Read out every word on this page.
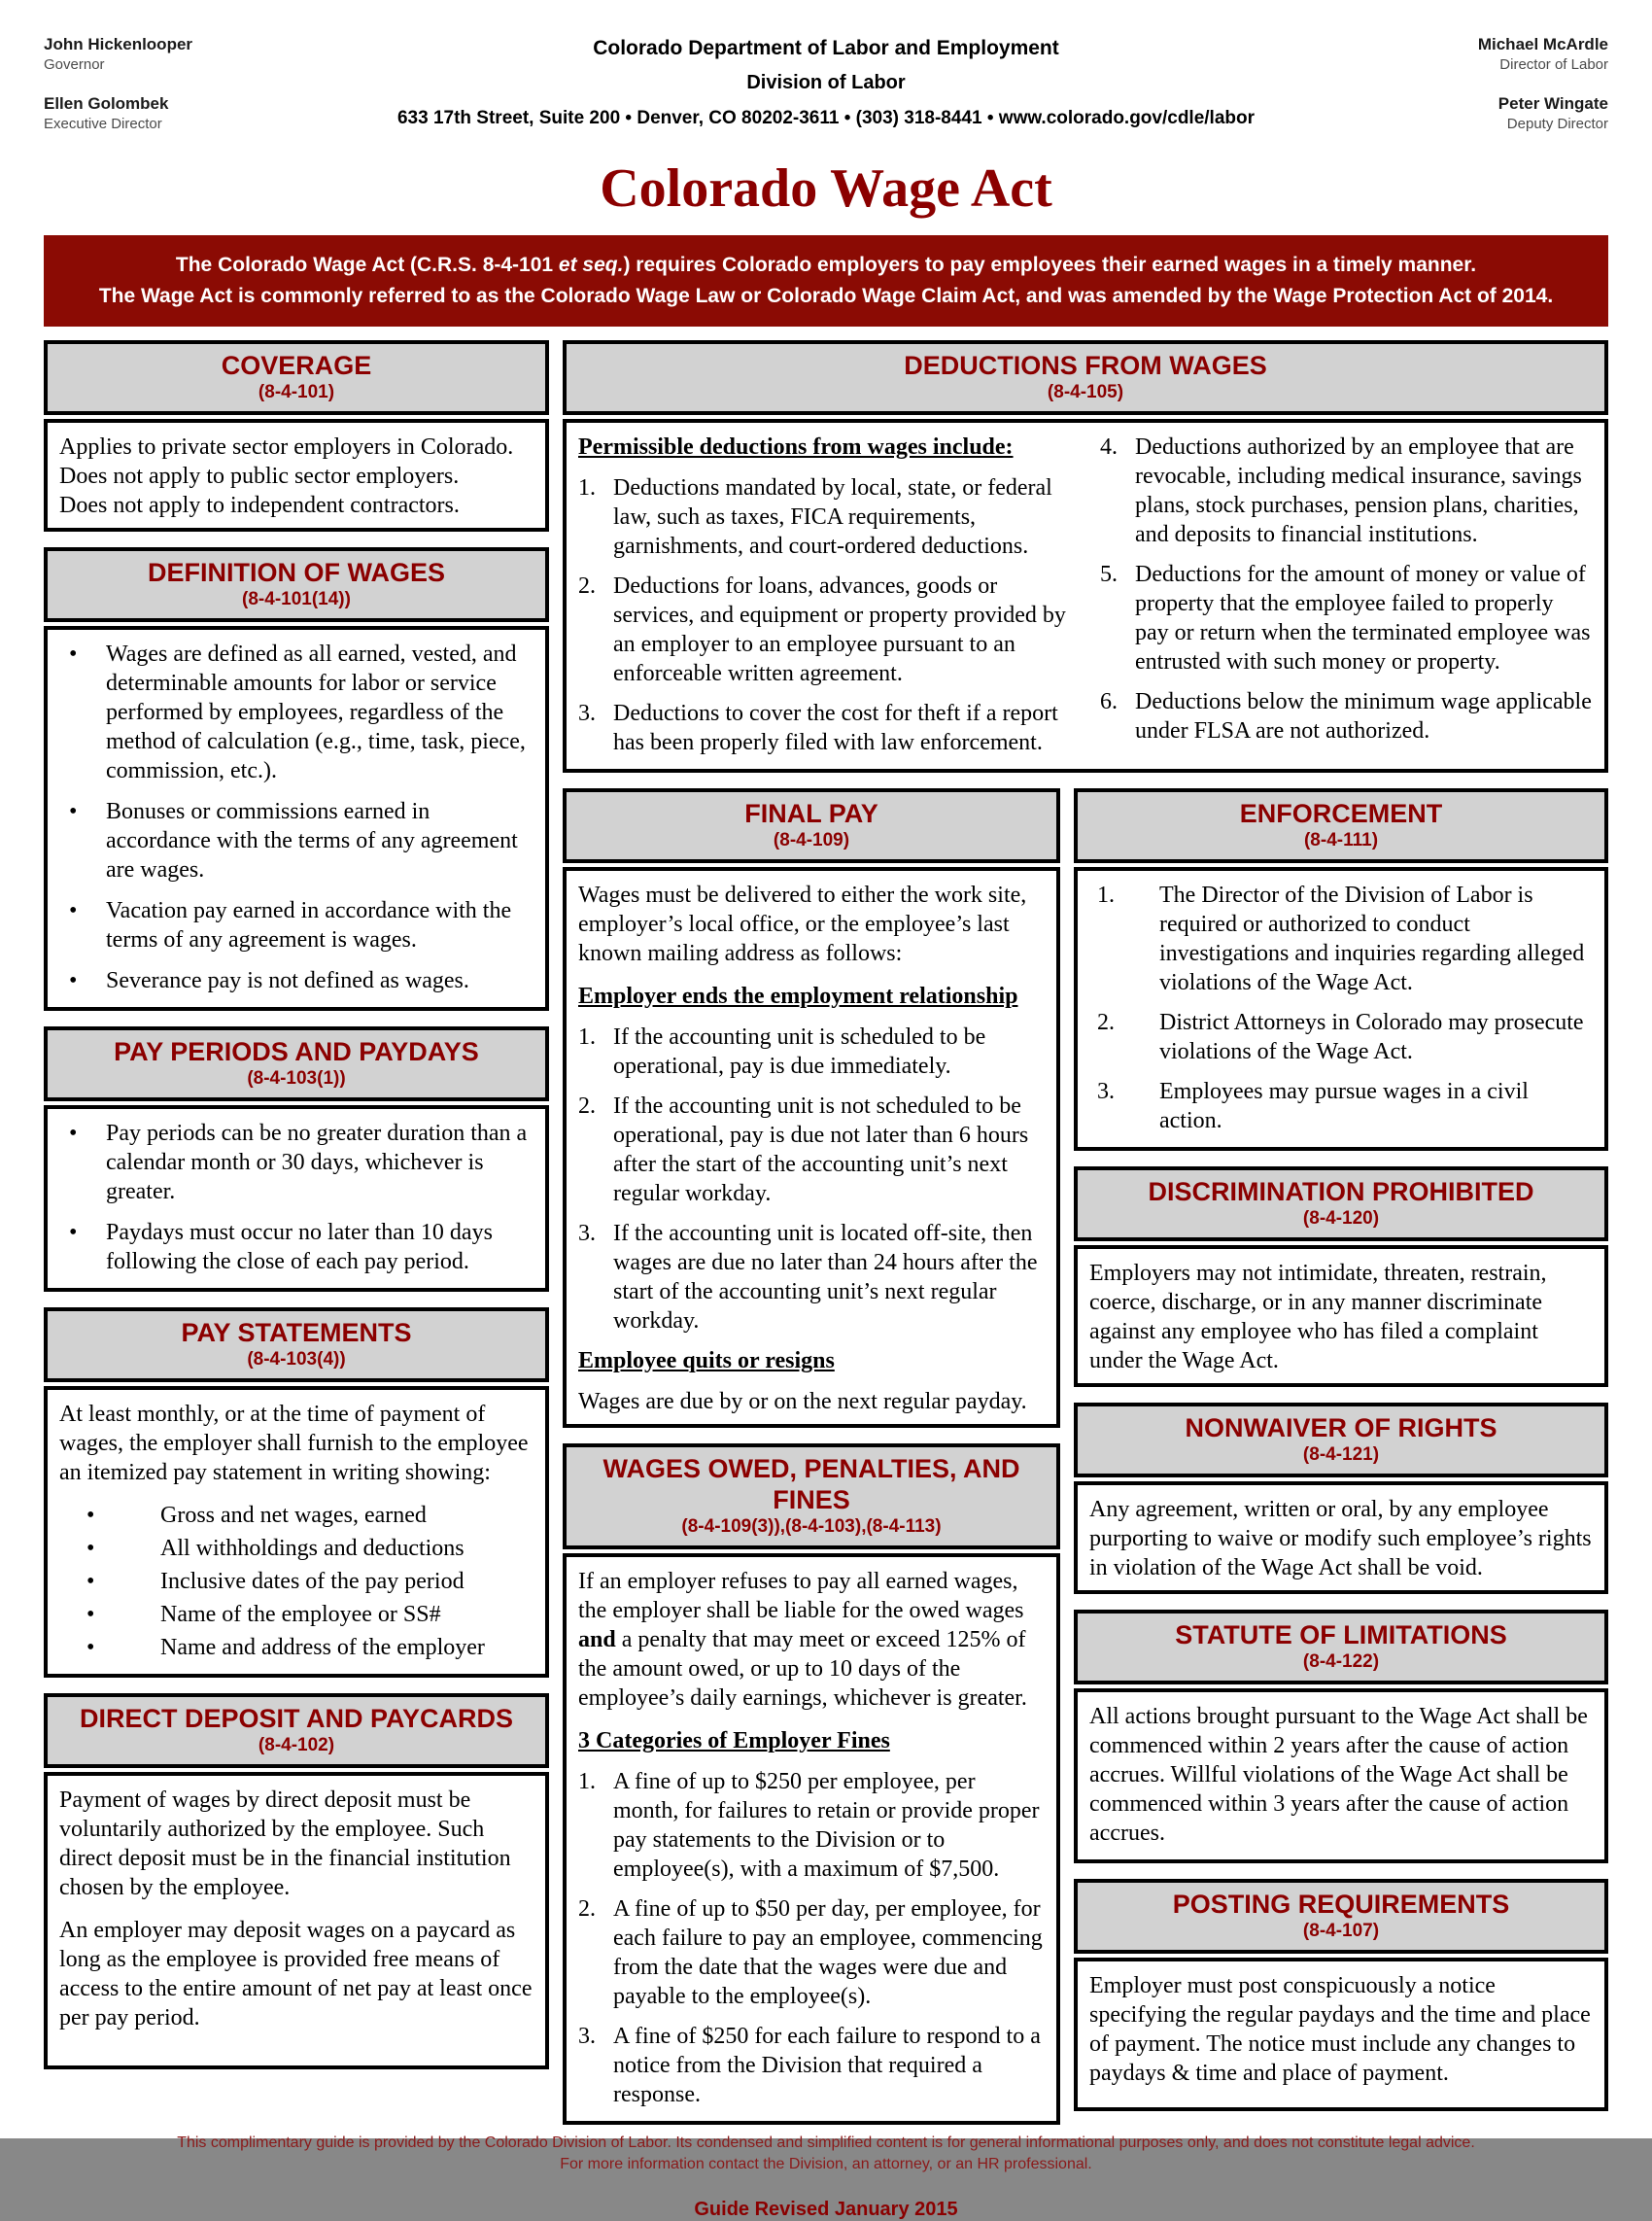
John Hickenlooper
Governor
Ellen Golombek
Executive Director
Colorado Department of Labor and Employment
Division of Labor
633 17th Street, Suite 200 • Denver, CO 80202-3611 • (303) 318-8441 • www.colorado.gov/cdle/labor
Michael McArdle
Director of Labor
Peter Wingate
Deputy Director
Colorado Wage Act

The Colorado Wage Act (C.R.S. 8-4-101 et seq.) requires Colorado employers to pay employees their earned wages in a timely manner.

The Wage Act is commonly referred to as the Colorado Wage Law or Colorado Wage Claim Act, and was amended by the Wage Protection Act of 2014.

COVERAGE
(8-4-101)

Applies to private sector employers in Colorado.

Does not apply to public sector employers.

Does not apply to independent contractors.

DEFINITION OF WAGES
(8-4-101(14))
• Wages are defined as all earned, vested, and determinable amounts for labor or service performed by employees, regardless of the method of calculation (e.g., time, task, piece, commission, etc.).
• Bonuses or commissions earned in accordance with the terms of any agreement are wages.
• Vacation pay earned in accordance with the terms of any agreement is wages.
• Severance pay is not defined as wages.
PAY PERIODS AND PAYDAYS
(8-4-103(1))
• Pay periods can be no greater duration than a calendar month or 30 days, whichever is greater.
• Paydays must occur no later than 10 days following the close of each pay period.
PAY STATEMENTS
(8-4-103(4))

At least monthly, or at the time of payment of wages, the employer shall furnish to the employee an itemized pay statement in writing showing:

• Gross and net wages, earned
• All withholdings and deductions
• Inclusive dates of the pay period
• Name of the employee or SS#
• Name and address of the employer
DIRECT DEPOSIT AND PAYCARDS
(8-4-102)

Payment of wages by direct deposit must be voluntarily authorized by the employee. Such direct deposit must be in the financial institution chosen by the employee.

An employer may deposit wages on a paycard as long as the employee is provided free means of access to the entire amount of net pay at least once per pay period.

DEDUCTIONS FROM WAGES
(8-4-105)
Permissible deductions from wages include:
1. Deductions mandated by local, state, or federal law, such as taxes, FICA requirements, garnishments, and court-ordered deductions.
2. Deductions for loans, advances, goods or services, and equipment or property provided by an employer to an employee pursuant to an enforceable written agreement.
3. Deductions to cover the cost for theft if a report has been properly filed with law enforcement.
4. Deductions authorized by an employee that are revocable, including medical insurance, savings plans, stock purchases, pension plans, charities, and deposits to financial institutions.
5. Deductions for the amount of money or value of property that the employee failed to properly pay or return when the terminated employee was entrusted with such money or property.
6. Deductions below the minimum wage applicable under FLSA are not authorized.
FINAL PAY
(8-4-109)

Wages must be delivered to either the work site, employer’s local office, or the employee’s last known mailing address as follows:

Employer ends the employment relationship
1. If the accounting unit is scheduled to be operational, pay is due immediately.
2. If the accounting unit is not scheduled to be operational, pay is due not later than 6 hours after the start of the accounting unit’s next regular workday.
3. If the accounting unit is located off-site, then wages are due no later than 24 hours after the start of the accounting unit’s next regular workday.
Employee quits or resigns

Wages are due by or on the next regular payday.

WAGES OWED, PENALTIES, AND FINES
(8-4-109(3)),(8-4-103),(8-4-113)

If an employer refuses to pay all earned wages, the employer shall be liable for the owed wages and a penalty that may meet or exceed 125% of the amount owed, or up to 10 days of the employee’s daily earnings, whichever is greater.

3 Categories of Employer Fines
1. A fine of up to $250 per employee, per month, for failures to retain or provide proper pay statements to the Division or to employee(s), with a maximum of $7,500.
2. A fine of up to $50 per day, per employee, for each failure to pay an employee, commencing from the date that the wages were due and payable to the employee(s).
3. A fine of $250 for each failure to respond to a notice from the Division that required a response.
ENFORCEMENT
(8-4-111)
1.	The Director of the Division of Labor is required or authorized to conduct investigations and inquiries regarding alleged violations of the Wage Act.
2.	District Attorneys in Colorado may prosecute violations of the Wage Act.
3.	Employees may pursue wages in a civil action.
DISCRIMINATION PROHIBITED
(8-4-120)

Employers may not intimidate, threaten, restrain, coerce, discharge, or in any manner discriminate against any employee who has filed a complaint under the Wage Act.

NONWAIVER OF RIGHTS
(8-4-121)

Any agreement, written or oral, by any employee purporting to waive or modify such employee’s rights in violation of the Wage Act shall be void.

STATUTE OF LIMITATIONS
(8-4-122)

All actions brought pursuant to the Wage Act shall be commenced within 2 years after the cause of action accrues. Willful violations of the Wage Act shall be commenced within 3 years after the cause of action accrues.

POSTING REQUIREMENTS
(8-4-107)

Employer must post conspicuously a notice specifying the regular paydays and the time and place of payment. The notice must include any changes to paydays & time and place of payment.

This complimentary guide is provided by the Colorado Division of Labor. Its condensed and simplified content is for general informational purposes only, and does not constitute legal advice.
For more information contact the Division, an attorney, or an HR professional.
Guide Revised January 2015
